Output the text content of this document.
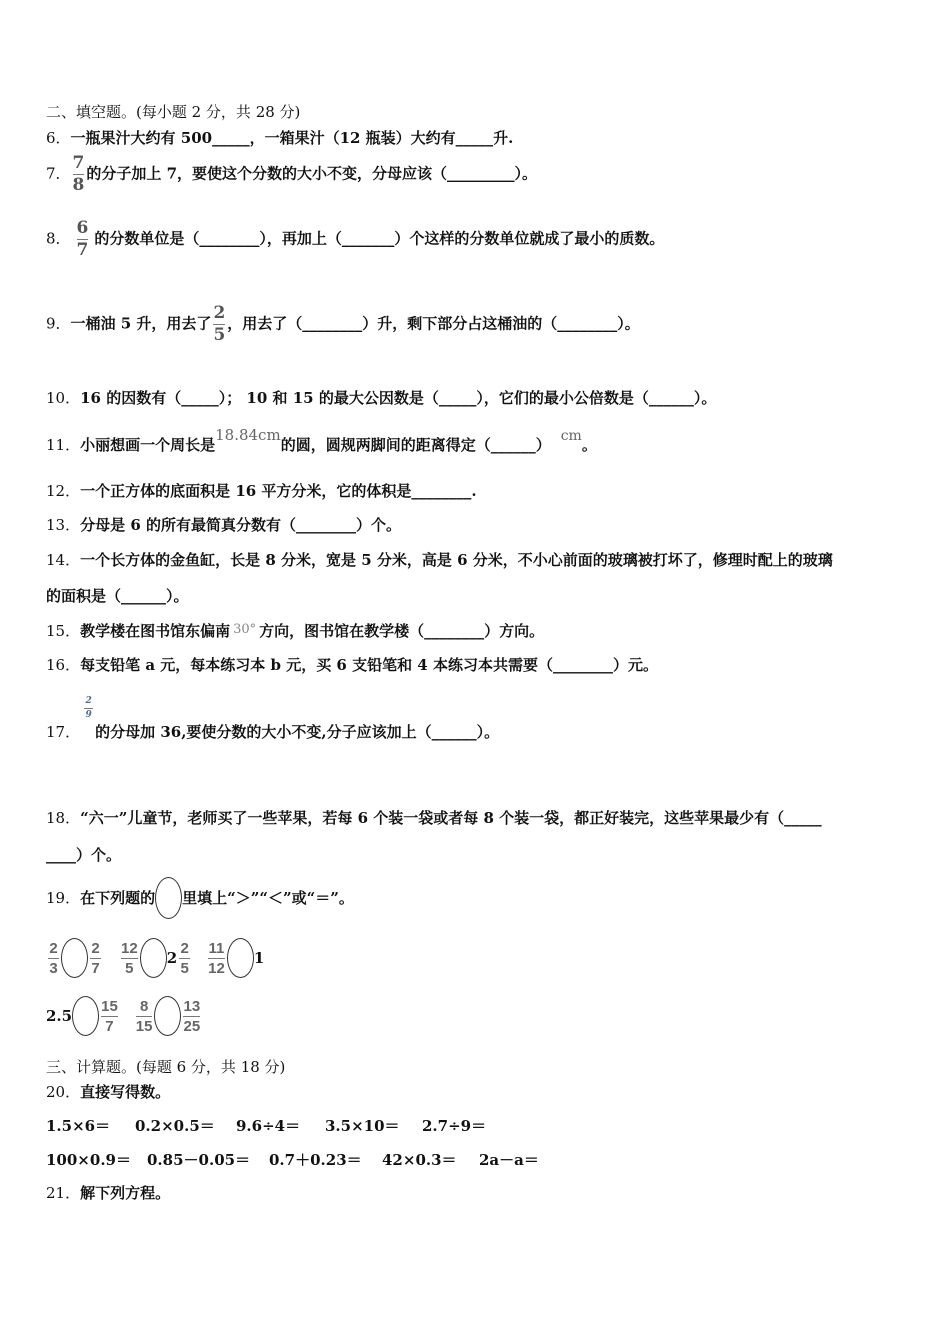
二、填空题。(每小题 2 分，共 28 分)
6．一瓶果汁大约有 500_____，一箱果汁（12 瓶装）大约有_____升.
7． $\frac{7}{8}$ 的分子加上 7，要使这个分数的大小不变，分母应该（_________）。
8． $\frac{6}{7}$ 的分数单位是（________），再加上（_______）个这样的分数单位就成了最小的质数。
9．一桶油 5 升，用去了 $\frac{2}{5}$ ，用去了（________）升，剩下部分占这桶油的（________）。
10．16 的因数有（_____）； 10 和 15 的最大公因数是（_____），它们的最小公倍数是（______）。
11．小丽想画一个周长是18.84cm的圆，圆规两脚间的距离得定（______） cm。
12．一个正方体的底面积是 16 平方分米，它的体积是________.
13．分母是 6 的所有最简真分数有（________）个。
14．一个长方体的金鱼缸，长是 8 分米，宽是 5 分米，高是 6 分米，不小心前面的玻璃被打坏了，修理时配上的玻璃
的面积是（______）。
15．教学楼在图书馆东偏南 30° 方向，图书馆在教学楼（________）方向。
16．每支铅笔 a 元，每本练习本 b 元，买 6 支铅笔和 4 本练习本共需要（________）元。
17．
$\frac{2}{9}$
的分母加 36,要使分数的大小不变,分子应该加上（______）。
18．“六一”儿童节，老师买了一些苹果，若每 6 个装一袋或者每 8 个装一袋，都正好装完，这些苹果最少有（_____
____）个。
19． 在下列题的 里填上“＞”“＜”或“＝”。
2
3
2
7
12
5
2
2
5
11
12
1
2.5
15
7
8
15
13
25
三、计算题。(每题 6 分，共 18 分)
20．直接写得数。
1.5×6＝	0.2×0.5＝	9.6÷4＝	3.5×10＝	2.7÷9＝
100×0.9＝	0.85－0.05＝	0.7＋0.23＝	42×0.3＝	2a－a＝
21．解下列方程。
